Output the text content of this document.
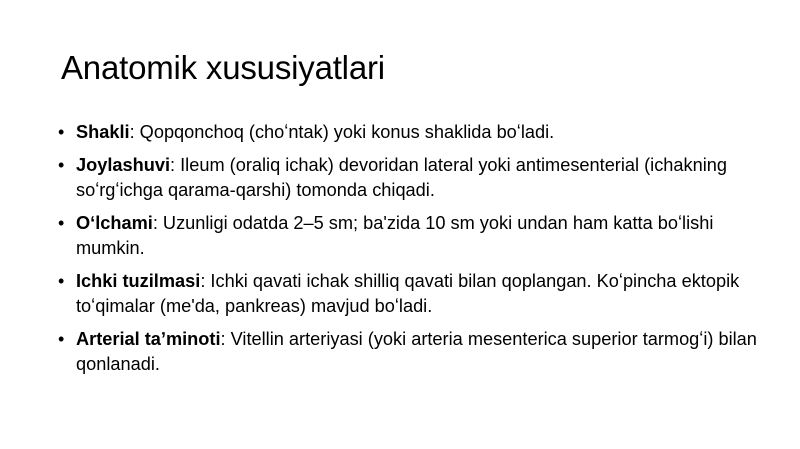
Anatomik xususiyatlari
• Shakli: Qopqonchoq (choʻntak) yoki konus shaklida boʻladi.
• Joylashuvi: Ileum (oraliq ichak) devoridan lateral yoki antimesenterial (ichakning soʻrgʻichga qarama-qarshi) tomonda chiqadi.
• Oʻlchami: Uzunligi odatda 2–5 sm; ba'zida 10 sm yoki undan ham katta boʻlishi mumkin.
• Ichki tuzilmasi: Ichki qavati ichak shilliq qavati bilan qoplangan. Koʻpincha ektopik toʻqimalar (me'da, pankreas) mavjud boʻladi.
• Arterial taʼminoti: Vitellin arteriyasi (yoki arteria mesenterica superior tarmogʻi) bilan qonlanadi.
